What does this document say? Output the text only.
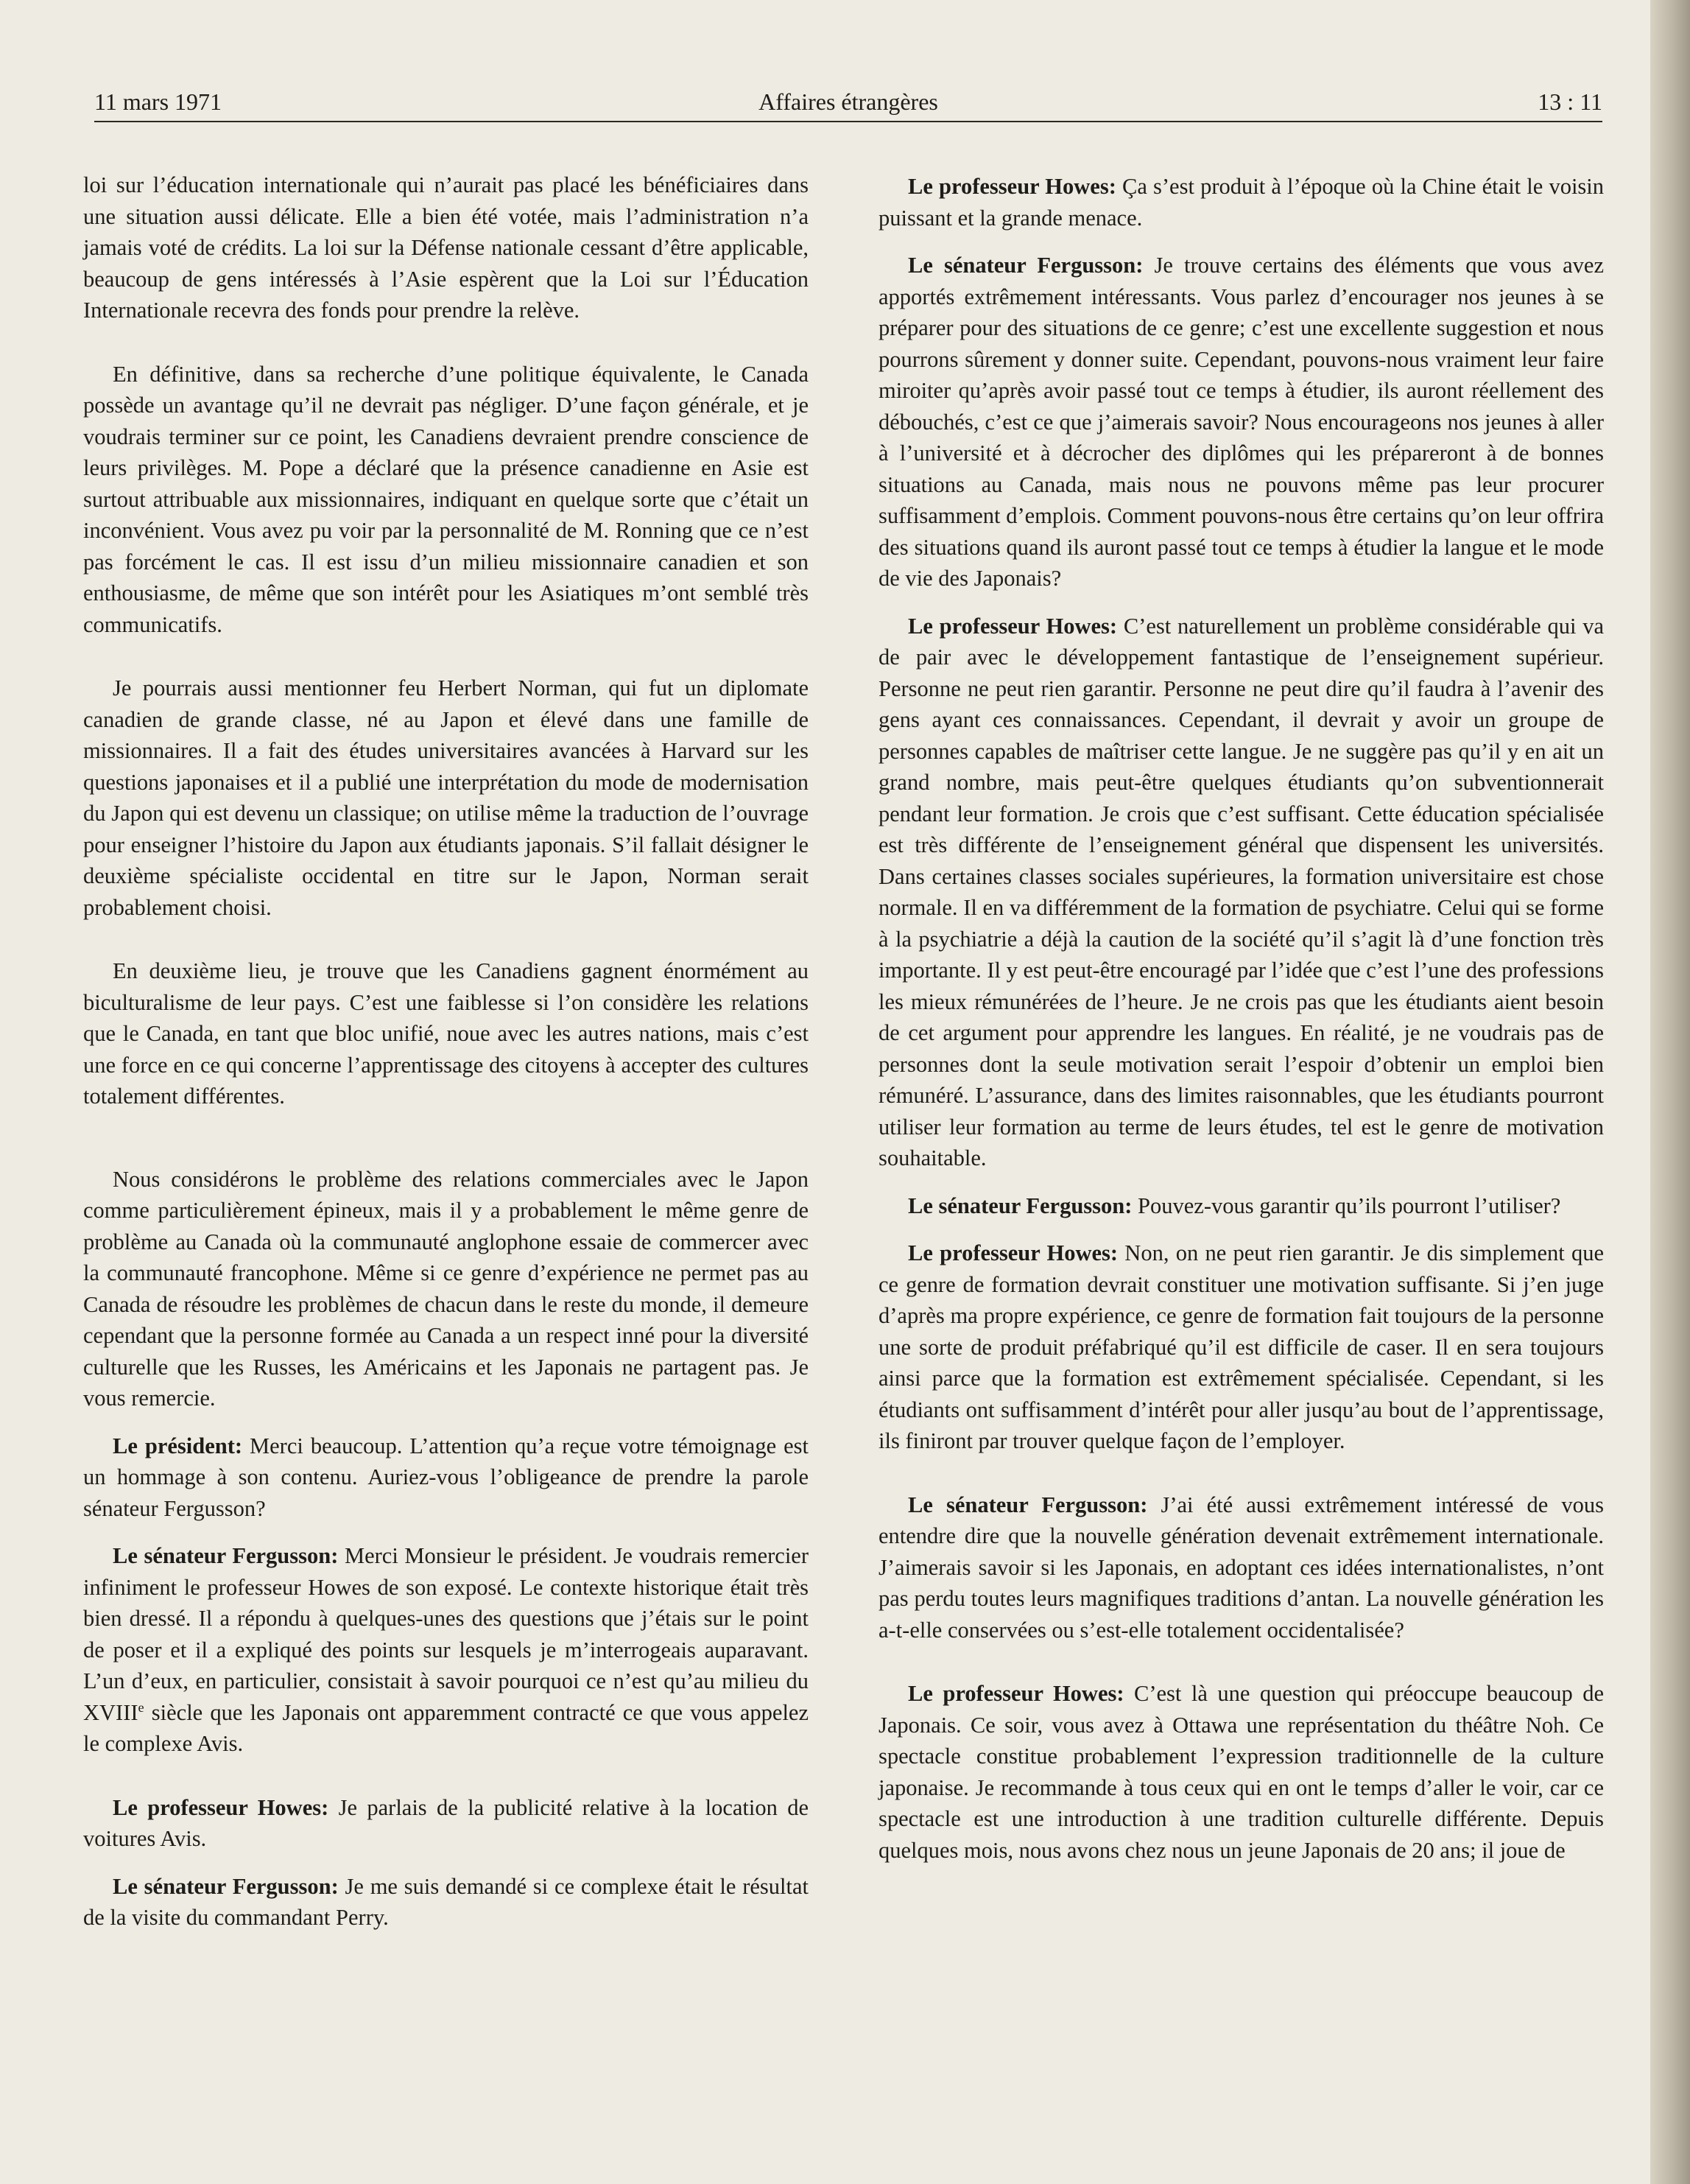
11 mars 1971	Affaires étrangères	13 : 11

loi sur l’éducation internationale qui n’aurait pas placé les bénéficiaires dans une situation aussi délicate. Elle a bien été votée, mais l’administration n’a jamais voté de crédits. La loi sur la Défense nationale cessant d’être applicable, beaucoup de gens intéressés à l’Asie espèrent que la Loi sur l’Éducation Internationale recevra des fonds pour prendre la relève.

En définitive, dans sa recherche d’une politique équivalente, le Canada possède un avantage qu’il ne devrait pas négliger. D’une façon générale, et je voudrais terminer sur ce point, les Canadiens devraient prendre conscience de leurs privilèges. M. Pope a déclaré que la présence canadienne en Asie est surtout attribuable aux missionnaires, indiquant en quelque sorte que c’était un inconvénient. Vous avez pu voir par la personnalité de M. Ronning que ce n’est pas forcément le cas. Il est issu d’un milieu missionnaire canadien et son enthousiasme, de même que son intérêt pour les Asiatiques m’ont semblé très communicatifs.

Je pourrais aussi mentionner feu Herbert Norman, qui fut un diplomate canadien de grande classe, né au Japon et élevé dans une famille de missionnaires. Il a fait des études universitaires avancées à Harvard sur les questions japonaises et il a publié une interprétation du mode de modernisation du Japon qui est devenu un classique; on utilise même la traduction de l’ouvrage pour enseigner l’histoire du Japon aux étudiants japonais. S’il fallait désigner le deuxième spécialiste occidental en titre sur le Japon, Norman serait probablement choisi.

En deuxième lieu, je trouve que les Canadiens gagnent énormément au biculturalisme de leur pays. C’est une faiblesse si l’on considère les relations que le Canada, en tant que bloc unifié, noue avec les autres nations, mais c’est une force en ce qui concerne l’apprentissage des citoyens à accepter des cultures totalement différentes.

Nous considérons le problème des relations commerciales avec le Japon comme particulièrement épineux, mais il y a probablement le même genre de problème au Canada où la communauté anglophone essaie de commercer avec la communauté francophone. Même si ce genre d’expérience ne permet pas au Canada de résoudre les problèmes de chacun dans le reste du monde, il demeure cependant que la personne formée au Canada a un respect inné pour la diversité culturelle que les Russes, les Américains et les Japonais ne partagent pas. Je vous remercie.

Le président: Merci beaucoup. L’attention qu’a reçue votre témoignage est un hommage à son contenu. Auriez-vous l’obligeance de prendre la parole sénateur Fergusson?

Le sénateur Fergusson: Merci Monsieur le président. Je voudrais remercier infiniment le professeur Howes de son exposé. Le contexte historique était très bien dressé. Il a répondu à quelques-unes des questions que j’étais sur le point de poser et il a expliqué des points sur lesquels je m’interrogeais auparavant. L’un d’eux, en particulier, consistait à savoir pourquoi ce n’est qu’au milieu du XVIIIe siècle que les Japonais ont apparemment contracté ce que vous appelez le complexe Avis.

Le professeur Howes: Je parlais de la publicité relative à la location de voitures Avis.

Le sénateur Fergusson: Je me suis demandé si ce complexe était le résultat de la visite du commandant Perry.

Le professeur Howes: Ça s’est produit à l’époque où la Chine était le voisin puissant et la grande menace.

Le sénateur Fergusson: Je trouve certains des éléments que vous avez apportés extrêmement intéressants. Vous parlez d’encourager nos jeunes à se préparer pour des situations de ce genre; c’est une excellente suggestion et nous pourrons sûrement y donner suite. Cependant, pouvons-nous vraiment leur faire miroiter qu’après avoir passé tout ce temps à étudier, ils auront réellement des débouchés, c’est ce que j’aimerais savoir? Nous encourageons nos jeunes à aller à l’université et à décrocher des diplômes qui les prépareront à de bonnes situations au Canada, mais nous ne pouvons même pas leur procurer suffisamment d’emplois. Comment pouvons-nous être certains qu’on leur offrira des situations quand ils auront passé tout ce temps à étudier la langue et le mode de vie des Japonais?

Le professeur Howes: C’est naturellement un problème considérable qui va de pair avec le développement fantastique de l’enseignement supérieur. Personne ne peut rien garantir. Personne ne peut dire qu’il faudra à l’avenir des gens ayant ces connaissances. Cependant, il devrait y avoir un groupe de personnes capables de maîtriser cette langue. Je ne suggère pas qu’il y en ait un grand nombre, mais peut-être quelques étudiants qu’on subventionnerait pendant leur formation. Je crois que c’est suffisant. Cette éducation spécialisée est très différente de l’enseignement général que dispensent les universités. Dans certaines classes sociales supérieures, la formation universitaire est chose normale. Il en va différemment de la formation de psychiatre. Celui qui se forme à la psychiatrie a déjà la caution de la société qu’il s’agit là d’une fonction très importante. Il y est peut-être encouragé par l’idée que c’est l’une des professions les mieux rémunérées de l’heure. Je ne crois pas que les étudiants aient besoin de cet argument pour apprendre les langues. En réalité, je ne voudrais pas de personnes dont la seule motivation serait l’espoir d’obtenir un emploi bien rémunéré. L’assurance, dans des limites raisonnables, que les étudiants pourront utiliser leur formation au terme de leurs études, tel est le genre de motivation souhaitable.

Le sénateur Fergusson: Pouvez-vous garantir qu’ils pourront l’utiliser?

Le professeur Howes: Non, on ne peut rien garantir. Je dis simplement que ce genre de formation devrait constituer une motivation suffisante. Si j’en juge d’après ma propre expérience, ce genre de formation fait toujours de la personne une sorte de produit préfabriqué qu’il est difficile de caser. Il en sera toujours ainsi parce que la formation est extrêmement spécialisée. Cependant, si les étudiants ont suffisamment d’intérêt pour aller jusqu’au bout de l’apprentissage, ils finiront par trouver quelque façon de l’employer.

Le sénateur Fergusson: J’ai été aussi extrêmement intéressé de vous entendre dire que la nouvelle génération devenait extrêmement internationale. J’aimerais savoir si les Japonais, en adoptant ces idées internationalistes, n’ont pas perdu toutes leurs magnifiques traditions d’antan. La nouvelle génération les a-t-elle conservées ou s’est-elle totalement occidentalisée?

Le professeur Howes: C’est là une question qui préoccupe beaucoup de Japonais. Ce soir, vous avez à Ottawa une représentation du théâtre Noh. Ce spectacle constitue probablement l’expression traditionnelle de la culture japonaise. Je recommande à tous ceux qui en ont le temps d’aller le voir, car ce spectacle est une introduction à une tradition culturelle différente. Depuis quelques mois, nous avons chez nous un jeune Japonais de 20 ans; il joue de
